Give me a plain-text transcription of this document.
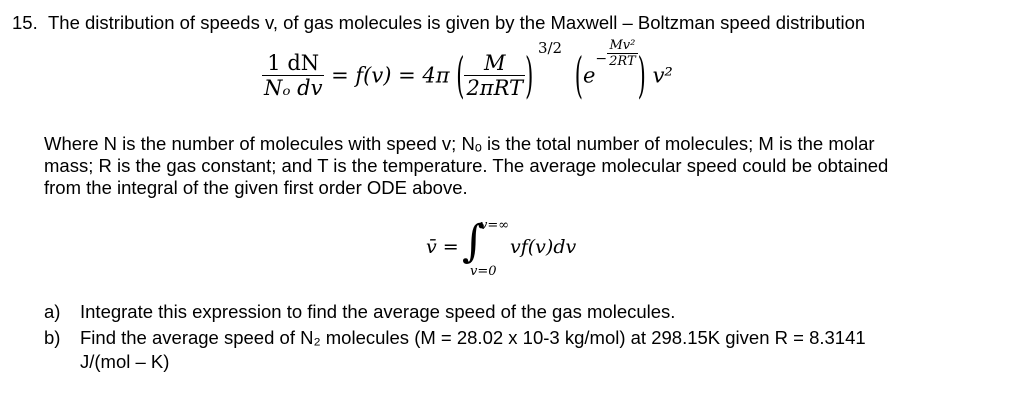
15. The distribution of speeds v, of gas molecules is given by the Maxwell – Boltzman speed distribution
$\frac{1 dN}{\text{Nₒ dv}} = f(v) = 4\pi$ ( $\frac{M}{\text{2πRT}}$ ) $^{3/2}$ ($e^- \frac{\text{Mv²}}{2RT}$ ) v²
Where N is the number of molecules with speed v; Nₒ is the total number of molecules; M is the molar
mass; R is the gas constant; and T is the temperature. The average molecular speed could be obtained
from the integral of the given first order ODE above.
v̄ = ∫
v=∞
v=0
vf(v)dv
a) Integrate this expression to find the average speed of the gas molecules.
b) Find the average speed of N₂ molecules (M = 28.02 x 10-3 kg/mol) at 298.15K given R = 8.3141
J/(mol – K)
